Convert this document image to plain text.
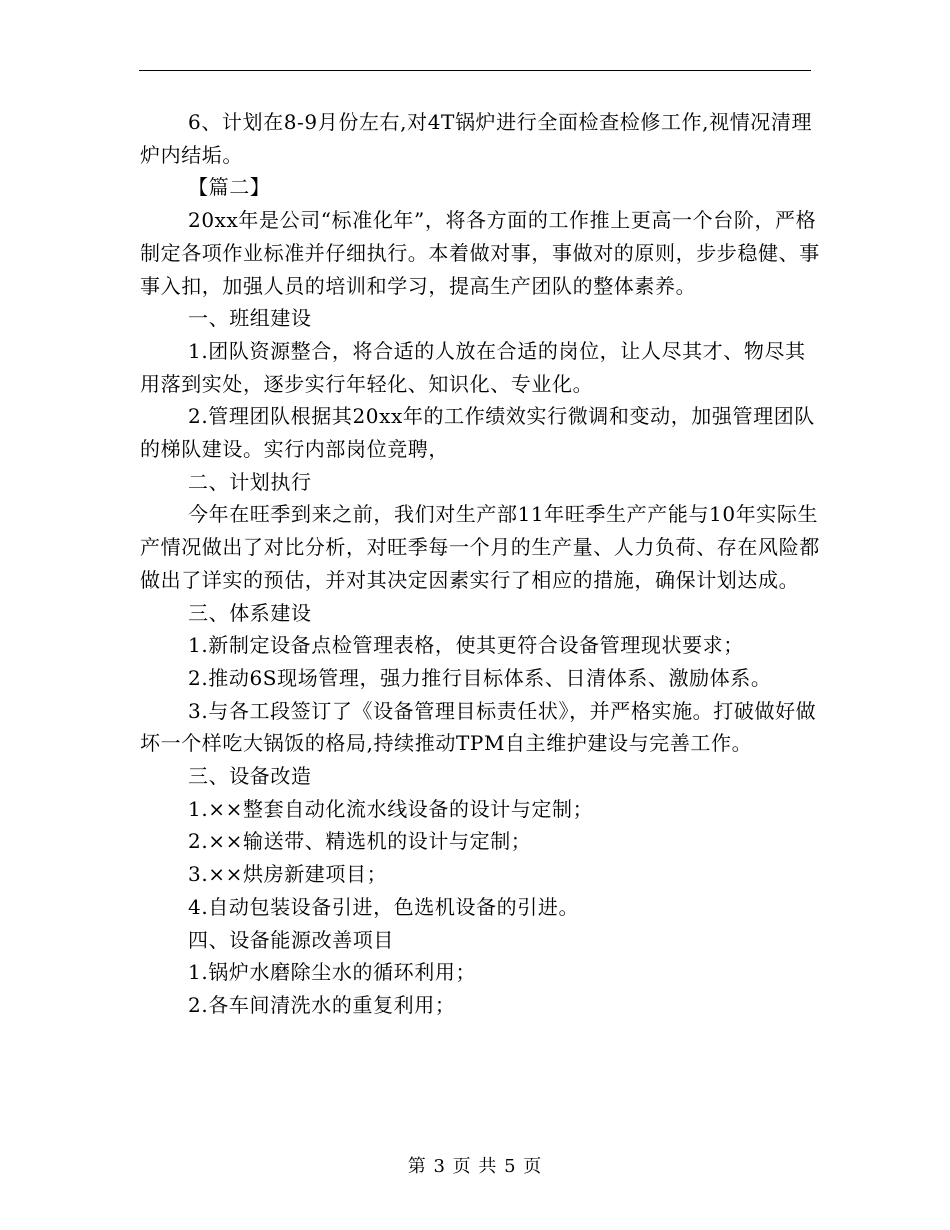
6、计划在8-9月份左右,对4T锅炉进行全面检查检修工作,视情况清理炉内结垢。

【篇二】

20xx年是公司“标准化年”，将各方面的工作推上更高一个台阶，严格制定各项作业标准并仔细执行。本着做对事，事做对的原则，步步稳健、事事入扣，加强人员的培训和学习，提高生产团队的整体素养。

一、班组建设

1.团队资源整合，将合适的人放在合适的岗位，让人尽其才、物尽其用落到实处，逐步实行年轻化、知识化、专业化。

2.管理团队根据其20xx年的工作绩效实行微调和变动，加强管理团队的梯队建设。实行内部岗位竞聘，

二、计划执行

今年在旺季到来之前，我们对生产部11年旺季生产产能与10年实际生产情况做出了对比分析，对旺季每一个月的生产量、人力负荷、存在风险都做出了详实的预估，并对其决定因素实行了相应的措施，确保计划达成。

三、体系建设

1.新制定设备点检管理表格，使其更符合设备管理现状要求；

2.推动6S现场管理，强力推行目标体系、日清体系、激励体系。

3.与各工段签订了《设备管理目标责任状》，并严格实施。打破做好做坏一个样吃大锅饭的格局,持续推动TPM自主维护建设与完善工作。

三、设备改造

1.××整套自动化流水线设备的设计与定制；

2.××输送带、精选机的设计与定制；

3.××烘房新建项目；

4.自动包装设备引进，色选机设备的引进。

四、设备能源改善项目

1.锅炉水磨除尘水的循环利用；

2.各车间清洗水的重复利用；

第 3 页 共 5 页
